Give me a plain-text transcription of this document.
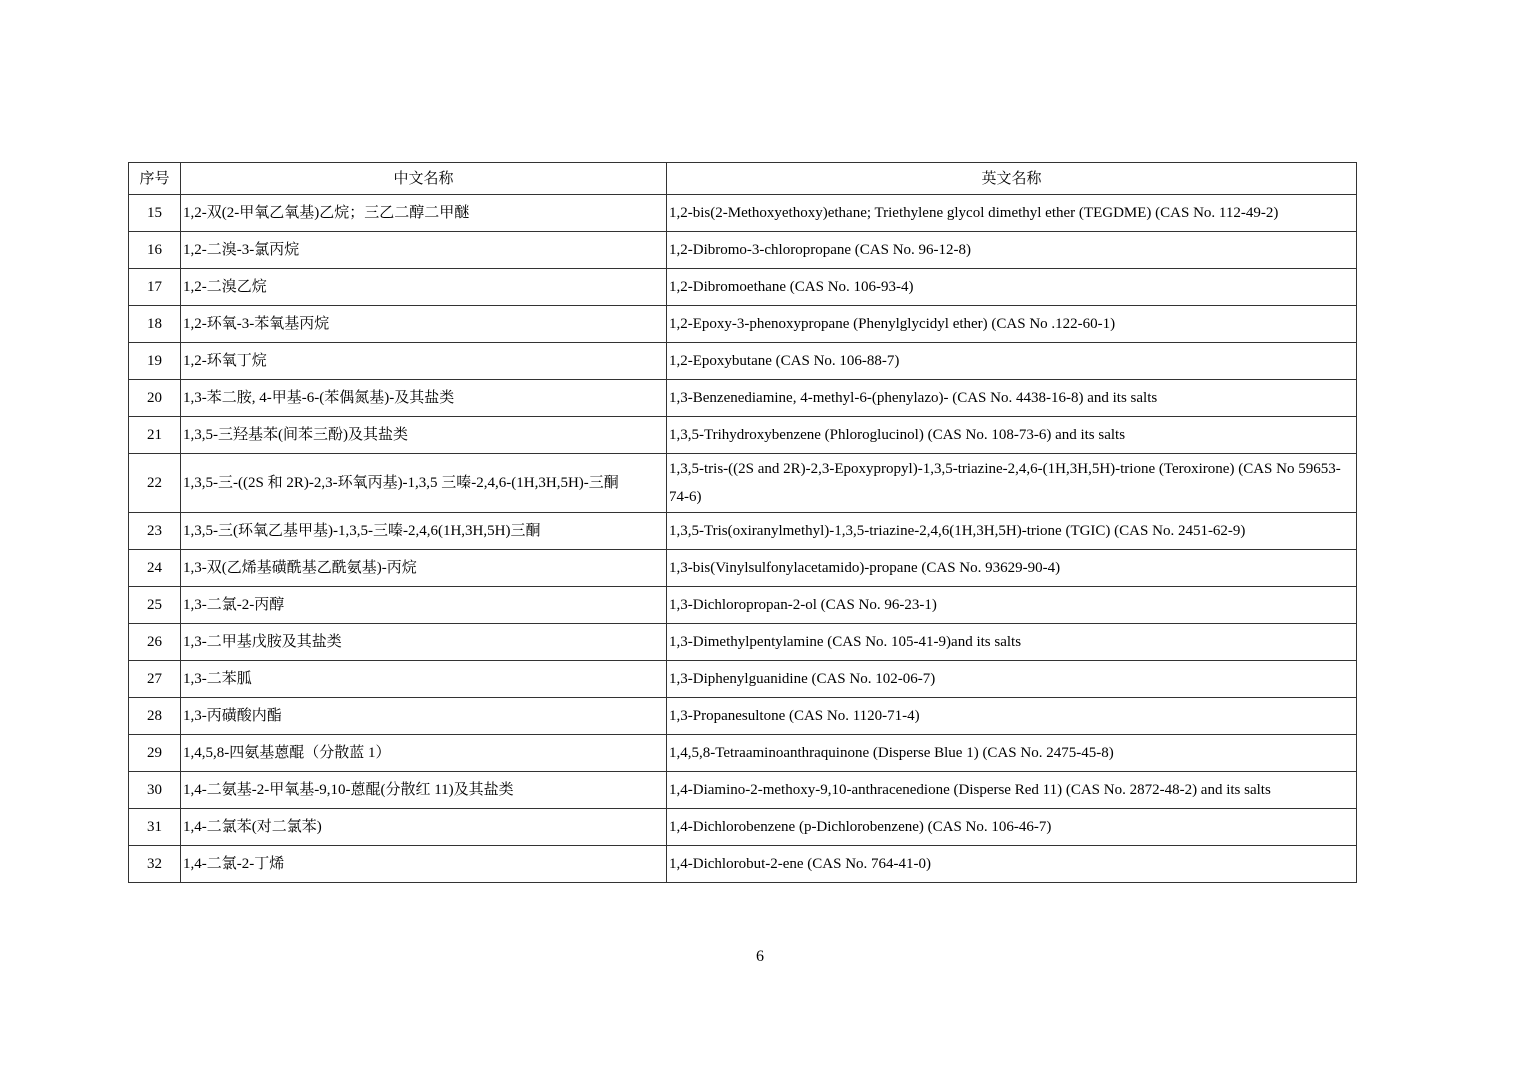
序号	中文名称	英文名称
15	1,2-双(2-甲氧乙氧基)乙烷；三乙二醇二甲醚	1,2-bis(2-Methoxyethoxy)ethane; Triethylene glycol dimethyl ether (TEGDME) (CAS No. 112-49-2)
16	1,2-二溴-3-氯丙烷	1,2-Dibromo-3-chloropropane (CAS No. 96-12-8)
17	1,2-二溴乙烷	1,2-Dibromoethane (CAS No. 106-93-4)
18	1,2-环氧-3-苯氧基丙烷	1,2-Epoxy-3-phenoxypropane (Phenylglycidyl ether) (CAS No .122-60-1)
19	1,2-环氧丁烷	1,2-Epoxybutane (CAS No. 106-88-7)
20	1,3-苯二胺, 4-甲基-6-(苯偶氮基)-及其盐类	1,3-Benzenediamine, 4-methyl-6-(phenylazo)- (CAS No. 4438-16-8) and its salts
21	1,3,5-三羟基苯(间苯三酚)及其盐类	1,3,5-Trihydroxybenzene (Phloroglucinol) (CAS No. 108-73-6) and its salts
22	1,3,5-三-((2S 和 2R)-2,3-环氧丙基)-1,3,5 三嗪-2,4,6-(1H,3H,5H)-三酮	1,3,5-tris-((2S and 2R)-2,3-Epoxypropyl)-1,3,5-triazine-2,4,6-(1H,3H,5H)-trione (Teroxirone) (CAS No 59653-74-6)
23	1,3,5-三(环氧乙基甲基)-1,3,5-三嗪-2,4,6(1H,3H,5H)三酮	1,3,5-Tris(oxiranylmethyl)-1,3,5-triazine-2,4,6(1H,3H,5H)-trione (TGIC) (CAS No. 2451-62-9)
24	1,3-双(乙烯基磺酰基乙酰氨基)-丙烷	1,3-bis(Vinylsulfonylacetamido)-propane (CAS No. 93629-90-4)
25	1,3-二氯-2-丙醇	1,3-Dichloropropan-2-ol (CAS No. 96-23-1)
26	1,3-二甲基戊胺及其盐类	1,3-Dimethylpentylamine (CAS No. 105-41-9)and its salts
27	1,3-二苯胍	1,3-Diphenylguanidine (CAS No. 102-06-7)
28	1,3-丙磺酸内酯	1,3-Propanesultone (CAS No. 1120-71-4)
29	1,4,5,8-四氨基蒽醌（分散蓝 1）	1,4,5,8-Tetraaminoanthraquinone (Disperse Blue 1) (CAS No. 2475-45-8)
30	1,4-二氨基-2-甲氧基-9,10-蒽醌(分散红 11)及其盐类	1,4-Diamino-2-methoxy-9,10-anthracenedione (Disperse Red 11) (CAS No. 2872-48-2) and its salts
31	1,4-二氯苯(对二氯苯)	1,4-Dichlorobenzene (p-Dichlorobenzene) (CAS No. 106-46-7)
32	1,4-二氯-2-丁烯	1,4-Dichlorobut-2-ene (CAS No. 764-41-0)
6
